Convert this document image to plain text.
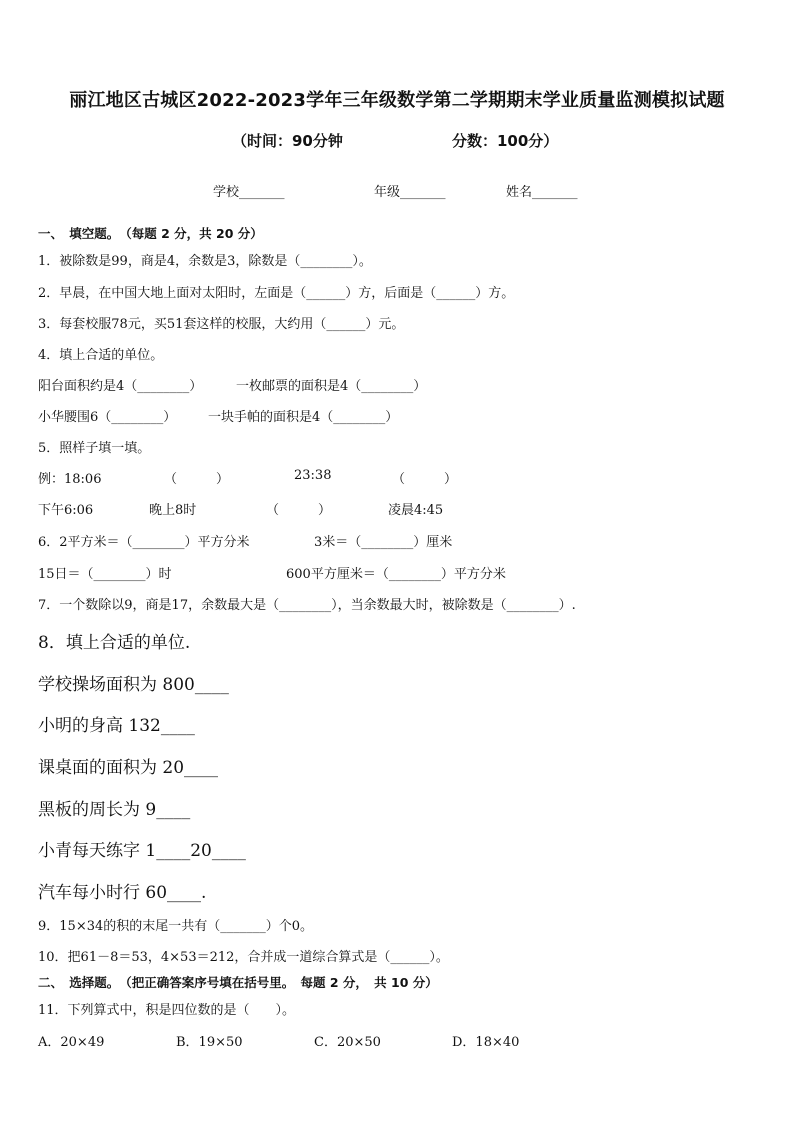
丽江地区古城区2022-2023学年三年级数学第二学期期末学业质量监测模拟试题
（时间：90分钟	分数：100分）
学校_______	年级_______	姓名_______
一、　填空题。　（每题 2 分，共 20 分）
1．被除数是99，商是4，余数是3，除数是（________）。
2．早晨，在中国大地上面对太阳时，左面是（______）方，后面是（______）方。
3．每套校服78元，买51套这样的校服，大约用（______）元。
4．填上合适的单位。
阳台面积约是4（________）	一枚邮票的面积是4（________）
小华腰围6（________） 一块手帕的面积是4（________）
5．照样子填一填。
例：18:06	（　　　）	23:38	（　　　）
下午6:06	晚上8时	（　　　）	凌晨4:45
6．2平方米＝（________）平方分米	3米＝（________）厘米
15日＝（________）时	600平方厘米＝（________）平方分米
7．一个数除以9，商是17，余数最大是（________），当余数最大时，被除数是（________）.
8．填上合适的单位.
学校操场面积为 800____
小明的身高 132____
课桌面的面积为 20____
黑板的周长为 9____
小青每天练字 1____20____
汽车每小时行 60____.
9．15×34的积的末尾一共有（_______）个0。
10．把61－8＝53，4×53＝212，合并成一道综合算式是（______）。
二、　选择题。　（把正确答案序号填在括号里。　每题 2 分，　共 10 分）
11．下列算式中，积是四位数的是（　　）。
A．20×49	B．19×50	C．20×50	D．18×40
